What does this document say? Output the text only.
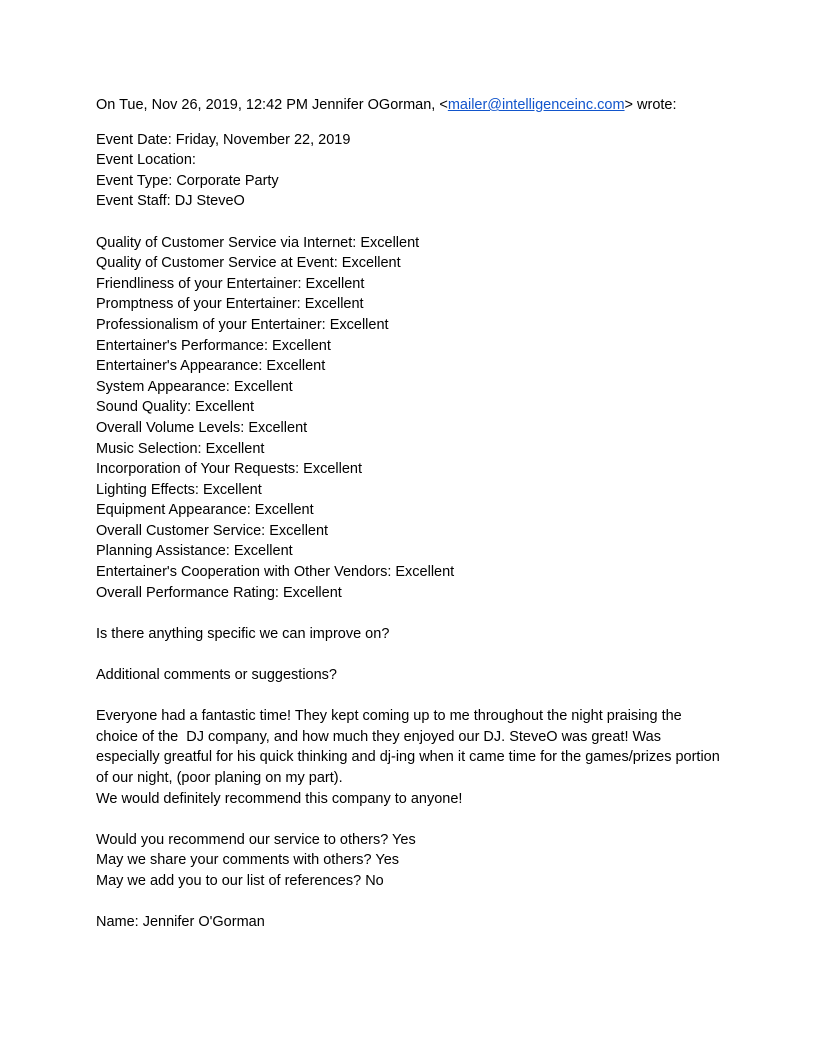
On Tue, Nov 26, 2019, 12:42 PM Jennifer OGorman, <mailer@intelligenceinc.com> wrote:
Event Date: Friday, November 22, 2019
Event Location:
Event Type: Corporate Party
Event Staff: DJ SteveO
Quality of Customer Service via Internet: Excellent
Quality of Customer Service at Event: Excellent
Friendliness of your Entertainer: Excellent
Promptness of your Entertainer: Excellent
Professionalism of your Entertainer: Excellent
Entertainer's Performance: Excellent
Entertainer's Appearance: Excellent
System Appearance: Excellent
Sound Quality: Excellent
Overall Volume Levels: Excellent
Music Selection: Excellent
Incorporation of Your Requests: Excellent
Lighting Effects: Excellent
Equipment Appearance: Excellent
Overall Customer Service: Excellent
Planning Assistance: Excellent
Entertainer's Cooperation with Other Vendors: Excellent
Overall Performance Rating: Excellent
Is there anything specific we can improve on?
Additional comments or suggestions?
Everyone had a fantastic time! They kept coming up to me throughout the night praising the choice of the  DJ company, and how much they enjoyed our DJ. SteveO was great! Was especially greatful for his quick thinking and dj-ing when it came time for the games/prizes portion of our night, (poor planing on my part).
We would definitely recommend this company to anyone!
Would you recommend our service to others? Yes
May we share your comments with others? Yes
May we add you to our list of references? No
Name: Jennifer O'Gorman
